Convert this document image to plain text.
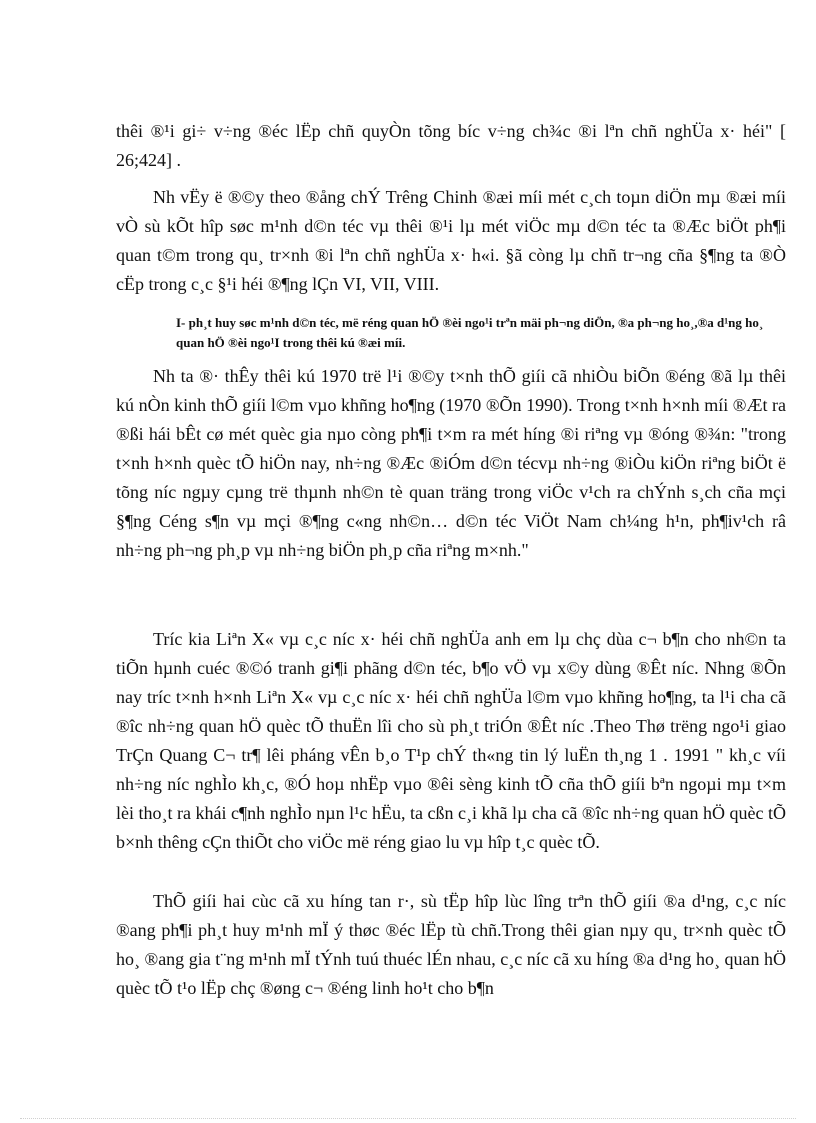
thêi ®¹i gi÷ v÷ng ®éc lËp chñ quyÒn tõng bíc v÷ng ch¾c ®i lªn chñ nghÜa x· héi" [ 26;424] .

Nh vËy ë ®©y theo ®ång chÝ Trêng Chinh ®æi míi mét c¸ch toµn diÖn mµ ®æi míi vÒ sù kÕt hîp søc m¹nh d©n téc vµ thêi ®¹i lµ mét viÖc mµ d©n téc ta ®Æc biÖt ph¶i quan t©m trong qu¸ tr×nh ®i lªn chñ nghÜa x· h«i. §ã còng lµ chñ tr¬ng cña §¶ng ta ®Ò cËp trong c¸c §¹i héi ®¶ng lÇn VI, VII, VIII.

I- ph¸t huy søc m¹nh d©n téc, më réng quan hÖ ®èi ngo¹i trªn mäi ph¬ng diÖn, ®a ph¬ng ho¸,®a d¹ng ho¸ quan hÖ ®èi ngo¹I trong thêi kú ®æi míi.

Nh ta ®· thÊy thêi kú 1970 trë l¹i ®©y t×nh thÕ giíi cã nhiÒu biÕn ®éng ®ã lµ thêi kú nÒn kinh thÕ giíi l©m vµo khñng ho¶ng (1970 ®Õn 1990). Trong t×nh h×nh míi ®Æt ra ®ßi hái bÊt cø mét quèc gia nµo còng ph¶i t×m ra mét híng ®i riªng vµ ®óng ®¾n: "trong t×nh h×nh quèc tÕ hiÖn nay, nh÷ng ®Æc ®iÓm d©n técvµ nh÷ng ®iÒu kiÖn riªng biÖt ë tõng níc ngµy cµng trë thµnh nh©n tè quan träng trong viÖc v¹ch ra chÝnh s¸ch cña mçi §¶ng Céng s¶n vµ mçi ®¶ng c«ng nh©n… d©n téc ViÖt Nam ch¼ng h¹n, ph¶iv¹ch râ nh÷ng ph¬ng ph¸p vµ nh÷ng biÖn ph¸p cña riªng m×nh."

Tríc kia Liªn X« vµ c¸c níc x· héi chñ nghÜa anh em lµ chç dùa c¬ b¶n cho nh©n ta tiÕn hµnh cuéc ®©ó tranh gi¶i phãng d©n téc, b¶o vÖ vµ x©y dùng ®Êt níc. Nhng ®Õn nay tríc t×nh h×nh Liªn X« vµ c¸c níc x· héi chñ nghÜa l©m vµo khñng ho¶ng, ta l¹i cha cã ®îc nh÷ng quan hÖ quèc tÕ thuËn lîi cho sù ph¸t triÓn ®Êt níc .Theo Thø trëng ngo¹i giao TrÇn Quang C¬ tr¶ lêi pháng vÊn b¸o T¹p chÝ th«ng tin lý luËn th¸ng 1 . 1991 " kh¸c víi nh÷ng níc nghÌo kh¸c, ®Ó hoµ nhËp vµo ®êi sèng kinh tÕ cña thÕ giíi bªn ngoµi mµ t×m lèi tho¸t ra khái c¶nh nghÌo nµn l¹c hËu, ta cßn c¸i khã lµ cha cã ®îc nh÷ng quan hÖ quèc tÕ b×nh thêng cÇn thiÕt cho viÖc më réng giao lu vµ hîp t¸c quèc tÕ.

ThÕ giíi hai cùc cã xu híng tan r·, sù tËp hîp lùc lîng trªn thÕ giíi ®a d¹ng, c¸c níc ®ang ph¶i ph¸t huy m¹nh mÏ ý thøc ®éc lËp tù chñ.Trong thêi gian nµy qu¸ tr×nh quèc tÕ ho¸ ®ang gia t¨ng m¹nh mÏ tÝnh tuú thuéc lÉn nhau, c¸c níc cã xu híng ®a d¹ng ho¸ quan hÖ quèc tÕ t¹o lËp chç ®øng c¬ ®éng linh ho¹t cho b¶n
